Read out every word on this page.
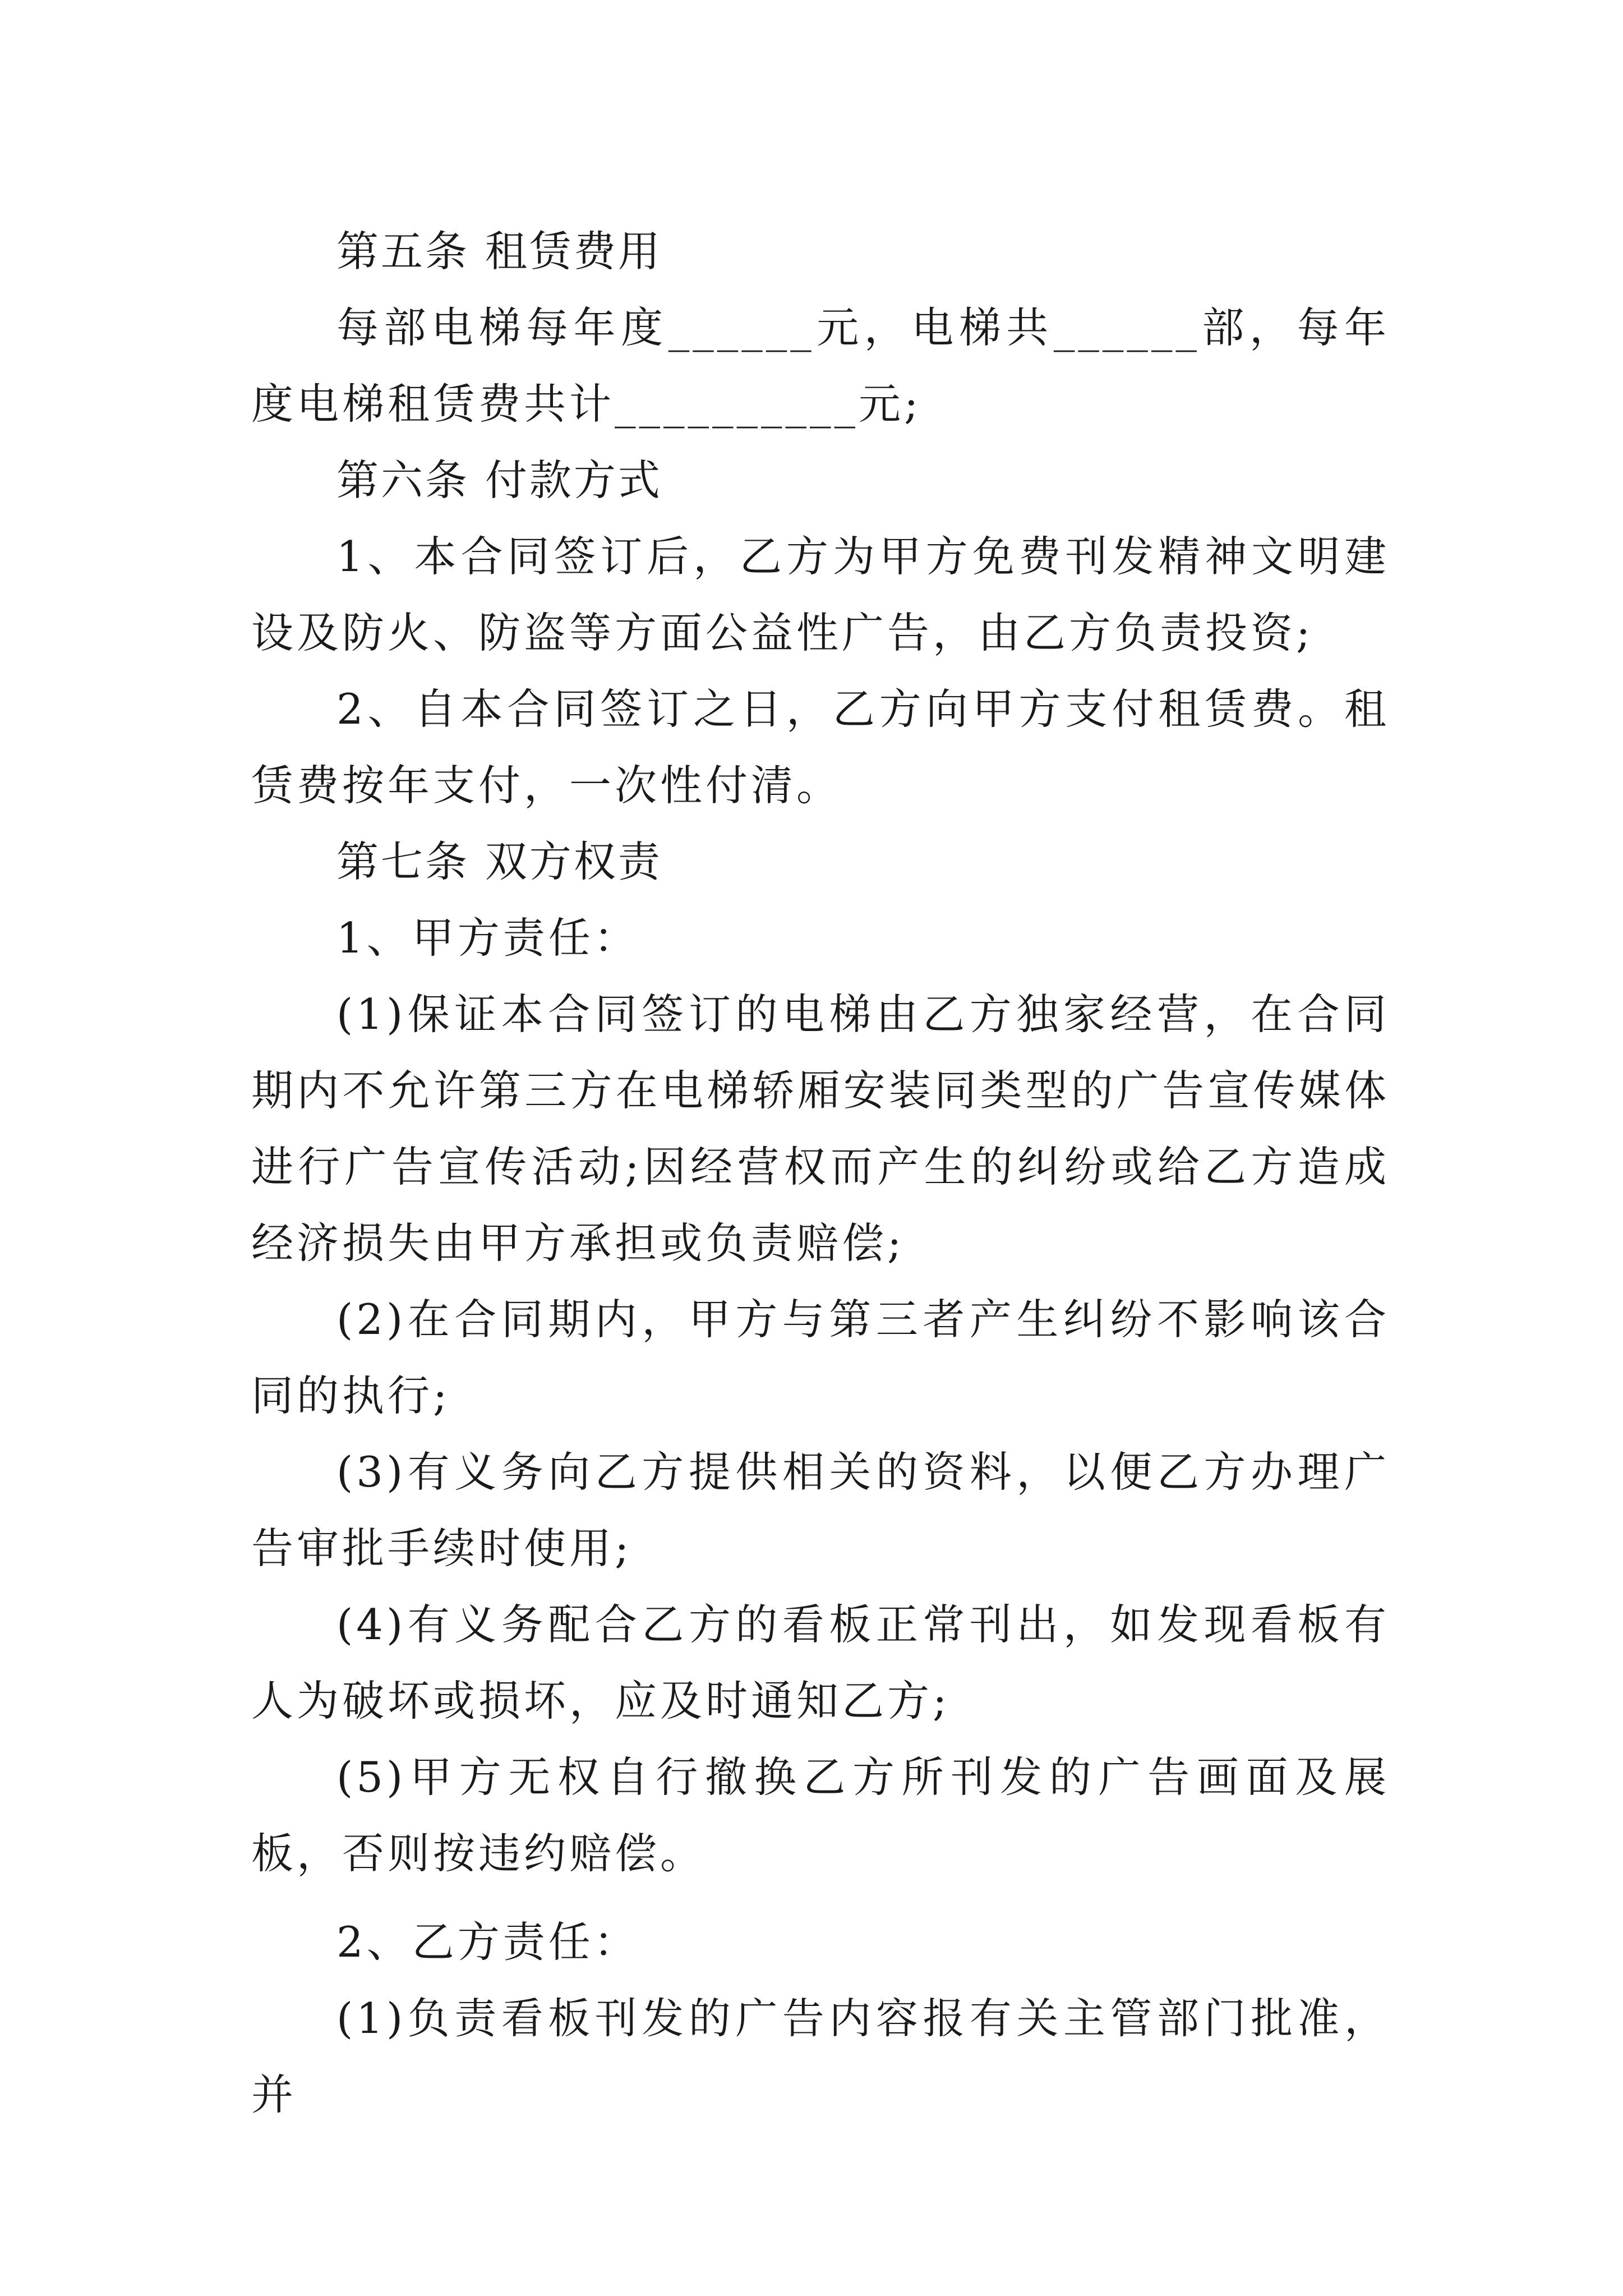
第五条 租赁费用

每部电梯每年度______元，电梯共______部，每年度电梯租赁费共计__________元;

第六条 付款方式

1、本合同签订后，乙方为甲方免费刊发精神文明建设及防火、防盗等方面公益性广告，由乙方负责投资;

2、自本合同签订之日，乙方向甲方支付租赁费。租赁费按年支付，一次性付清。

第七条 双方权责

1、甲方责任：

(1)保证本合同签订的电梯由乙方独家经营，在合同期内不允许第三方在电梯轿厢安装同类型的广告宣传媒体进行广告宣传活动;因经营权而产生的纠纷或给乙方造成经济损失由甲方承担或负责赔偿;

(2)在合同期内，甲方与第三者产生纠纷不影响该合同的执行;

(3)有义务向乙方提供相关的资料，以便乙方办理广告审批手续时使用;

(4)有义务配合乙方的看板正常刊出，如发现看板有人为破坏或损坏，应及时通知乙方;

(5)甲方无权自行撤换乙方所刊发的广告画面及展板，否则按违约赔偿。

2、乙方责任：

(1)负责看板刊发的广告内容报有关主管部门批准，并
